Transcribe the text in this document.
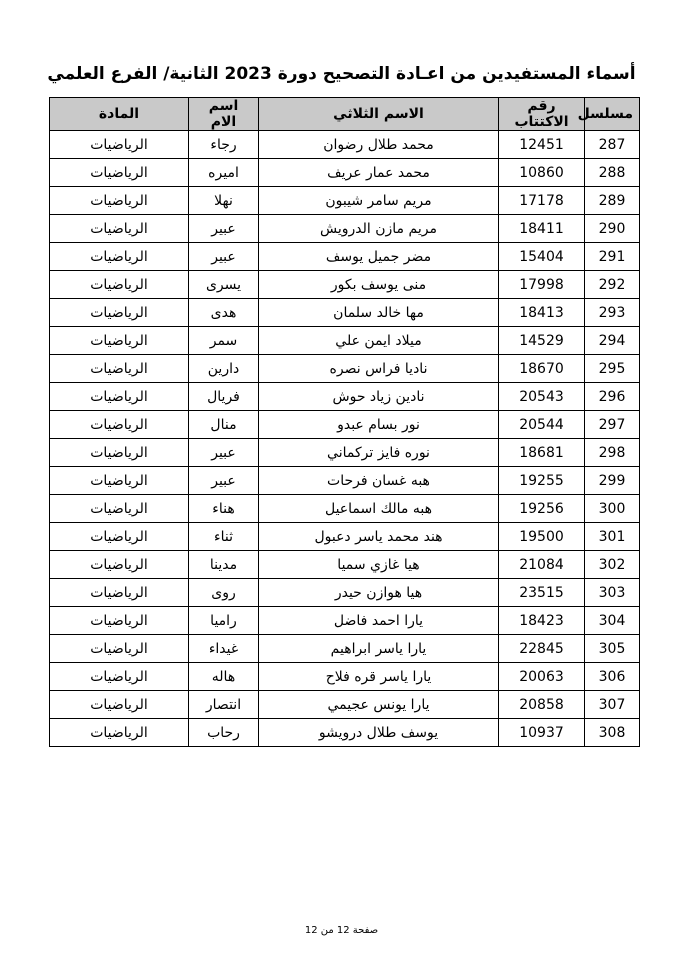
أسماء المستفيدين من اعـادة التصحيح دورة 2023 الثانية/ الفرع العلمي
مسلسل	رقم الاكتتاب	الاسم الثلاثي	اسم الام	المادة
287	12451	محمد طلال رضوان	رجاء	الرياضيات
288	10860	محمد عمار عريف	اميره	الرياضيات
289	17178	مريم سامر شيبون	نهلا	الرياضيات
290	18411	مريم مازن الدرويش	عبير	الرياضيات
291	15404	مضر جميل يوسف	عبير	الرياضيات
292	17998	منى يوسف بكور	يسرى	الرياضيات
293	18413	مها خالد سلمان	هدى	الرياضيات
294	14529	ميلاد ايمن علي	سمر	الرياضيات
295	18670	ناديا فراس نصره	دارين	الرياضيات
296	20543	نادين زياد حوش	فريال	الرياضيات
297	20544	نور بسام عبدو	منال	الرياضيات
298	18681	نوره فايز تركماني	عبير	الرياضيات
299	19255	هبه غسان فرحات	عبير	الرياضيات
300	19256	هبه مالك اسماعيل	هناء	الرياضيات
301	19500	هند محمد ياسر دعبول	ثناء	الرياضيات
302	21084	هيا غازي سميا	مدينا	الرياضيات
303	23515	هيا هوازن حيدر	روى	الرياضيات
304	18423	يارا احمد فاضل	راميا	الرياضيات
305	22845	يارا ياسر ابراهيم	غيداء	الرياضيات
306	20063	يارا ياسر قره فلاح	هاله	الرياضيات
307	20858	يارا يونس عجيمي	انتصار	الرياضيات
308	10937	يوسف طلال درويشو	رحاب	الرياضيات
صفحة 12 من 12
